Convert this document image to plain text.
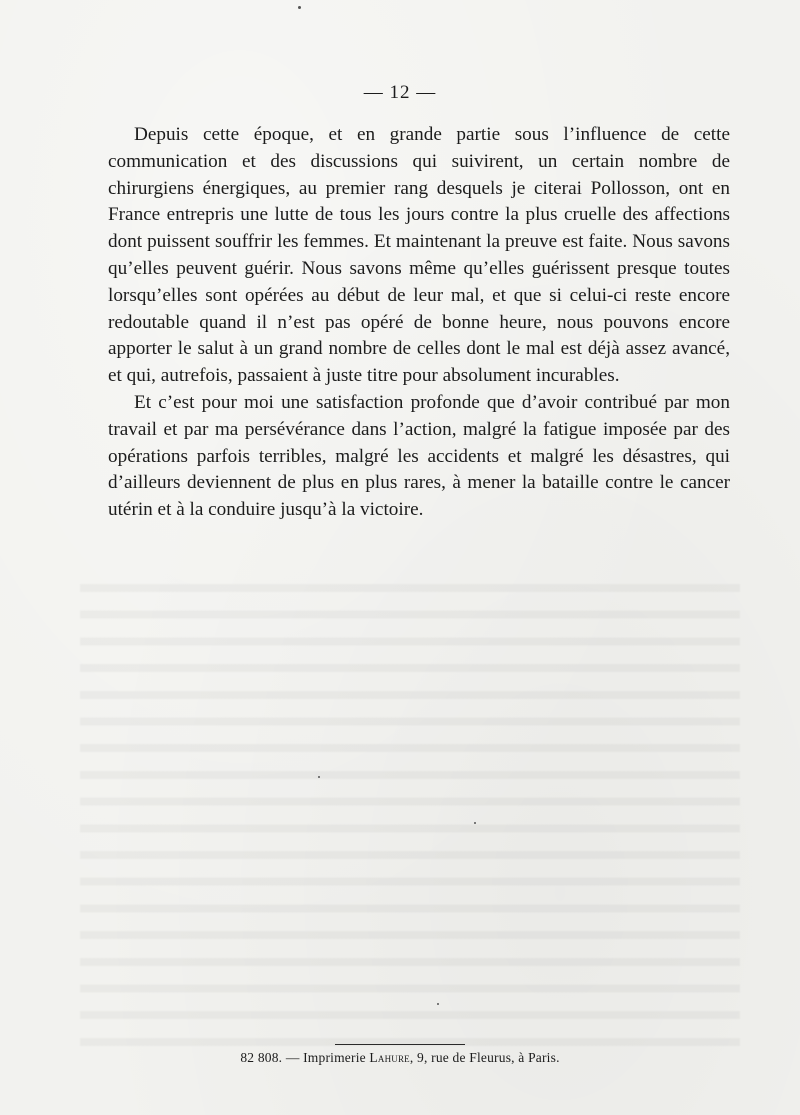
— 12 —

Depuis cette époque, et en grande partie sous l’influence de cette communication et des discussions qui suivirent, un certain nombre de chirurgiens énergiques, au premier rang desquels je citerai Pollosson, ont en France entrepris une lutte de tous les jours contre la plus cruelle des affections dont puissent souffrir les femmes. Et maintenant la preuve est faite. Nous savons qu’elles peuvent guérir. Nous savons même qu’elles guérissent presque toutes lorsqu’elles sont opérées au début de leur mal, et que si celui-ci reste encore redoutable quand il n’est pas opéré de bonne heure, nous pouvons encore apporter le salut à un grand nombre de celles dont le mal est déjà assez avancé, et qui, autrefois, passaient à juste titre pour absolument incurables.

Et c’est pour moi une satisfaction profonde que d’avoir contribué par mon travail et par ma persévérance dans l’action, malgré la fatigue imposée par des opérations parfois terribles, malgré les accidents et malgré les désastres, qui d’ailleurs deviennent de plus en plus rares, à mener la bataille contre le cancer utérin et à la conduire jusqu’à la victoire.

82 808. — Imprimerie Lahure, 9, rue de Fleurus, à Paris.
